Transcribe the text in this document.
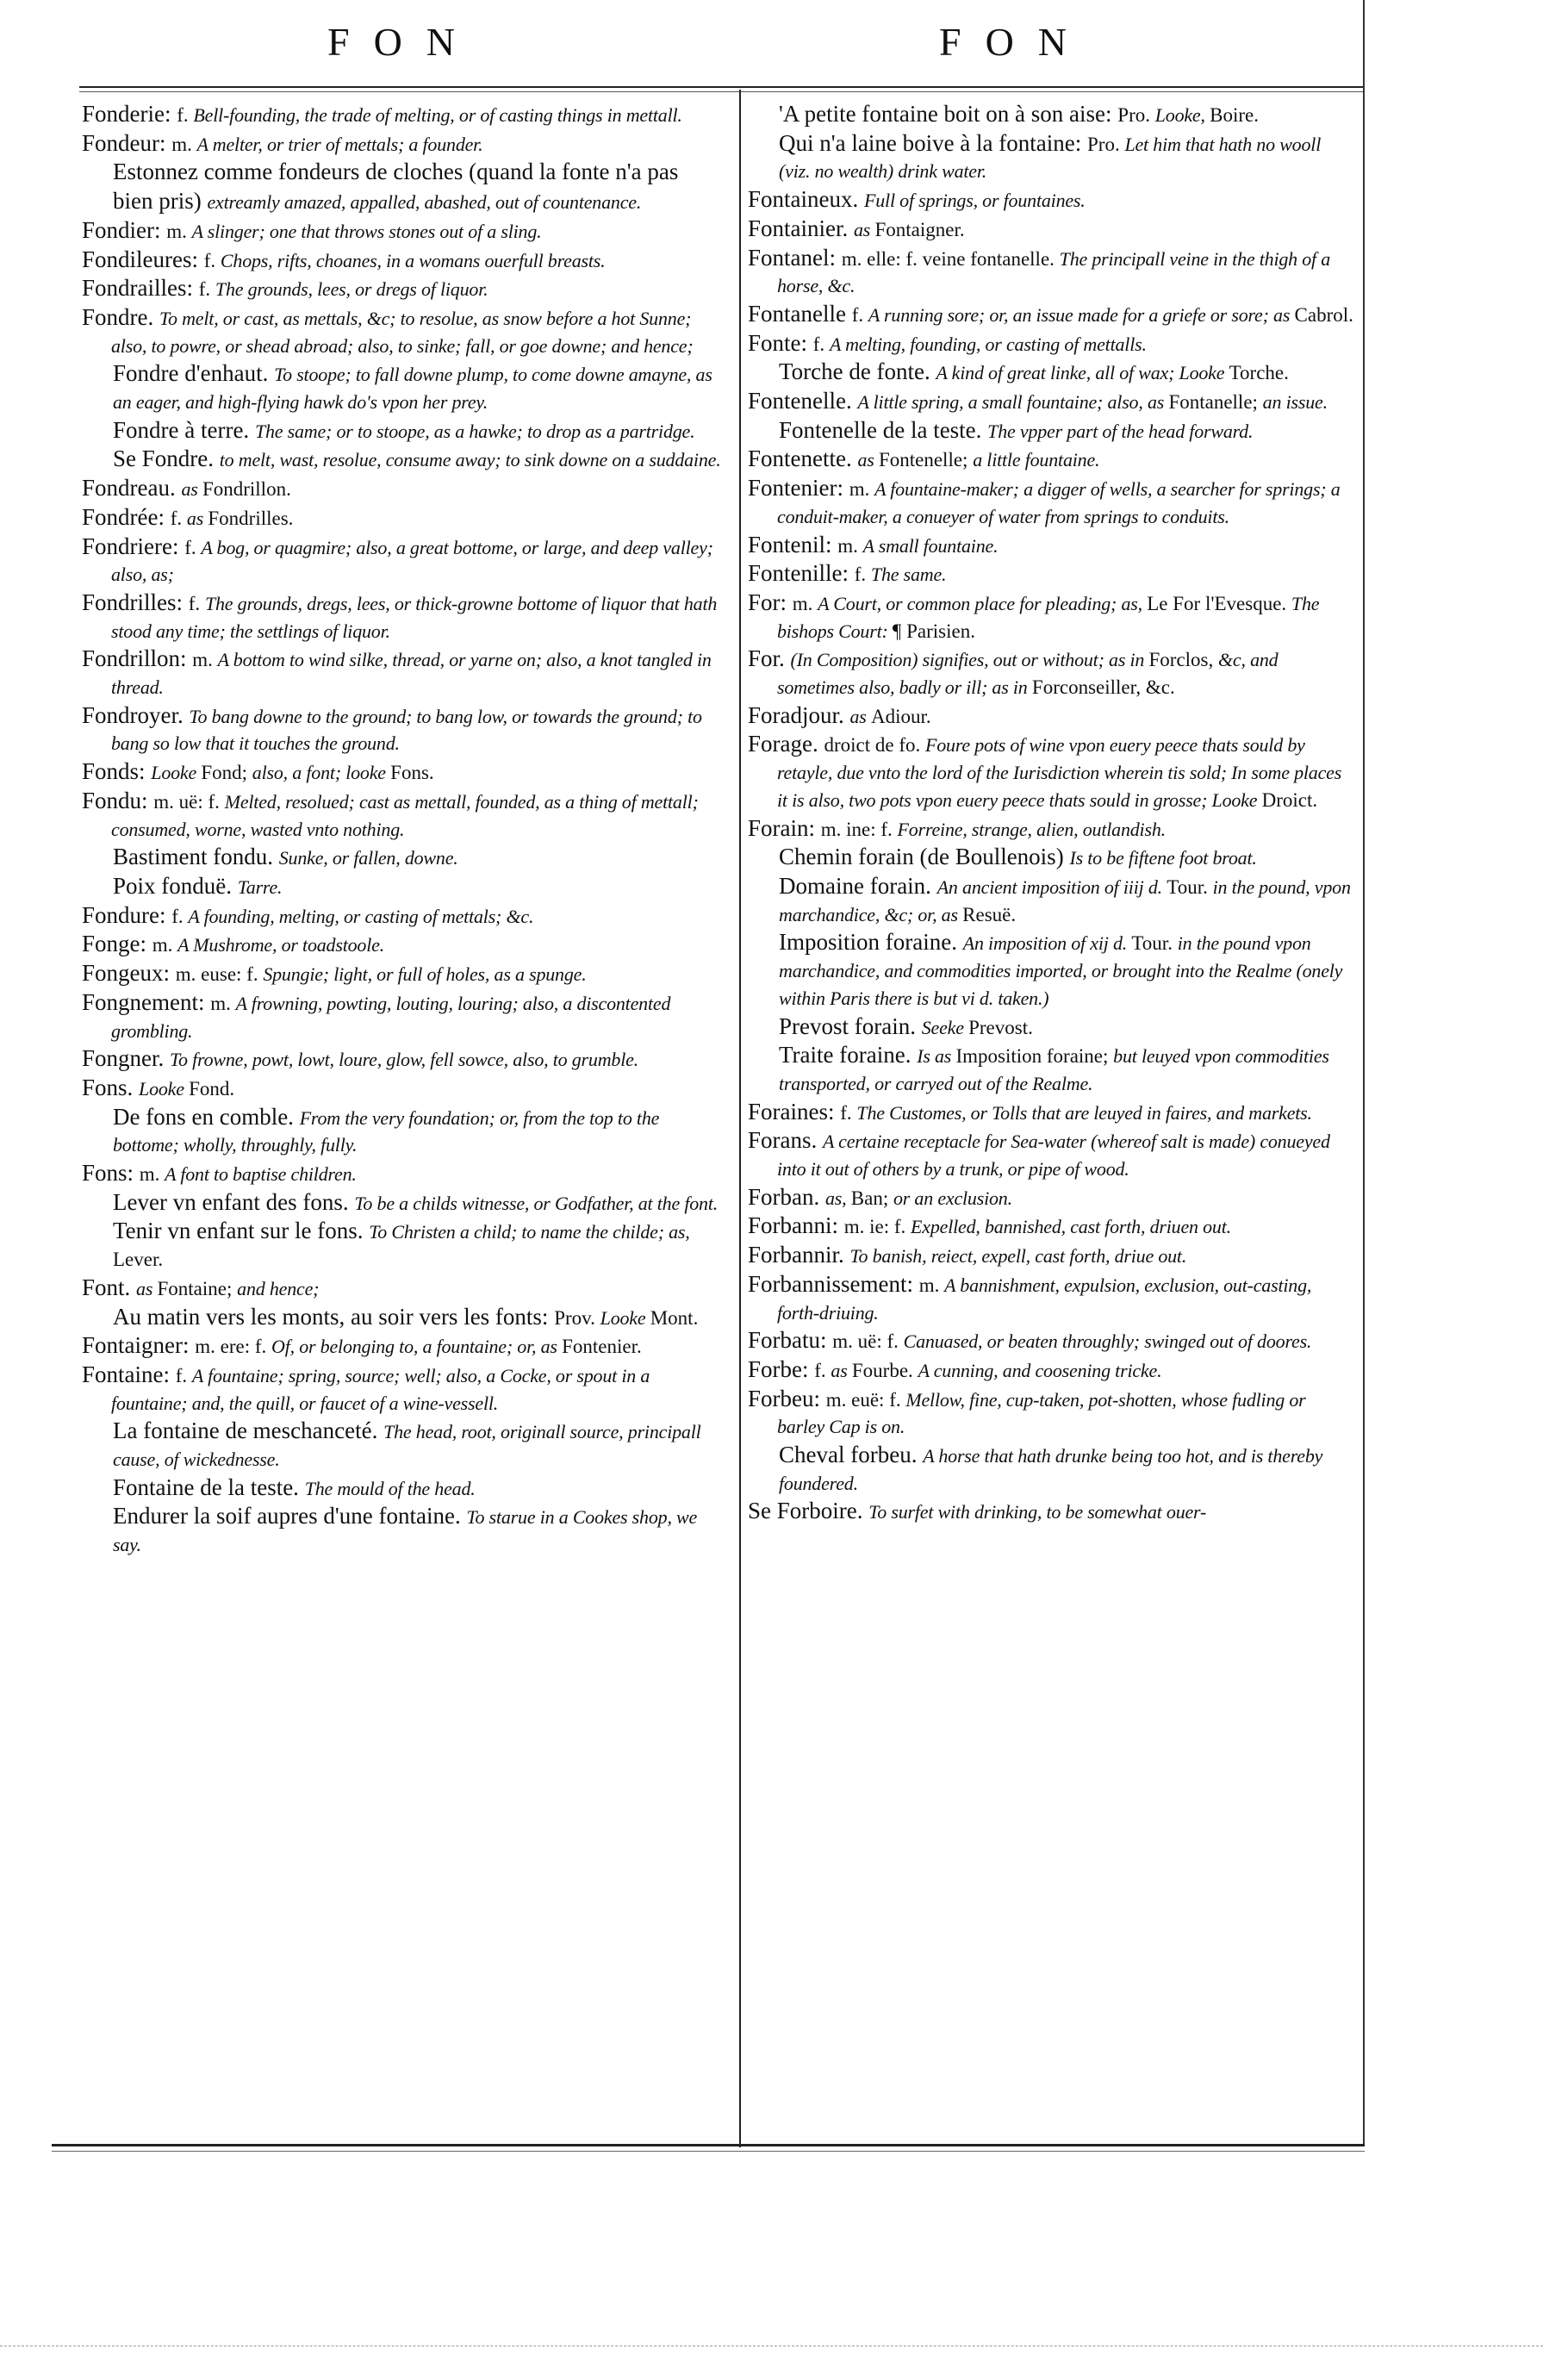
FON	FON
Fonderie: f. Bell-founding, the trade of melting, or of casting things in mettall.
Fondeur: m. A melter, or trier of mettals; a founder.
Estonnez comme fondeurs de cloches (quand la fonte n'a pas bien pris) extreamly amazed, appalled, abashed, out of countenance.
Fondier: m. A slinger; one that throws stones out of a sling.
Fondileures: f. Chops, rifts, choanes, in a womans ouerfull breasts.
Fondrailles: f. The grounds, lees, or dregs of liquor.
Fondre. To melt, or cast, as mettals, &c; to resolue, as snow before a hot Sunne; also, to powre, or shead abroad; also, to sinke; fall, or goe downe; and hence;
Fondre d'enhaut. To stoope; to fall downe plump, to come downe amayne, as an eager, and high-flying hawk do's vpon her prey.
Fondre à terre. The same; or to stoope, as a hawke; to drop as a partridge.
Se Fondre. to melt, wast, resolue, consume away; to sink downe on a suddaine.
Fondreau. as Fondrillon.
Fondrée: f. as Fondrilles.
Fondriere: f. A bog, or quagmire; also, a great bottome, or large, and deep valley; also, as;
Fondrilles: f. The grounds, dregs, lees, or thick-growne bottome of liquor that hath stood any time; the settlings of liquor.
Fondrillon: m. A bottom to wind silke, thread, or yarne on; also, a knot tangled in thread.
Fondroyer. To bang downe to the ground; to bang low, or towards the ground; to bang so low that it touches the ground.
Fonds: Looke Fond; also, a font; looke Fons.
Fondu: m. uë: f. Melted, resolued; cast as mettall, founded, as a thing of mettall; consumed, worne, wasted vnto nothing.
Bastiment fondu. Sunke, or fallen, downe.
Poix fonduë. Tarre.
Fondure: f. A founding, melting, or casting of mettals; &c.
Fonge: m. A Mushrome, or toadstoole.
Fongeux: m. euse: f. Spungie; light, or full of holes, as a spunge.
Fongnement: m. A frowning, powting, louting, louring; also, a discontented grombling.
Fongner. To frowne, powt, lowt, loure, glow, fell sowce, also, to grumble.
Fons. Looke Fond.
De fons en comble. From the very foundation; or, from the top to the bottome; wholly, throughly, fully.
Fons: m. A font to baptise children.
Lever vn enfant des fons. To be a childs witnesse, or Godfather, at the font.
Tenir vn enfant sur le fons. To Christen a child; to name the childe; as, Lever.
Font. as Fontaine; and hence;
Au matin vers les monts, au soir vers les fonts: Prov. Looke Mont.
Fontaigner: m. ere: f. Of, or belonging to, a fountaine; or, as Fontenier.
Fontaine: f. A fountaine; spring, source; well; also, a Cocke, or spout in a fountaine; and, the quill, or faucet of a wine-vessell.
La fontaine de meschanceté. The head, root, originall source, principall cause, of wickednesse.
Fontaine de la teste. The mould of the head.
Endurer la soif aupres d'une fontaine. To starue in a Cookes shop, we say.
'A petite fontaine boit on à son aise: Pro. Looke, Boire.
Qui n'a laine boive à la fontaine: Pro. Let him that hath no wooll (viz. no wealth) drink water.
Fontaineux. Full of springs, or fountaines.
Fontainier. as Fontaigner.
Fontanel: m. elle: f. veine fontanelle. The principall veine in the thigh of a horse, &c.
Fontanelle f. A running sore; or, an issue made for a griefe or sore; as Cabrol.
Fonte: f. A melting, founding, or casting of mettalls.
Torche de fonte. A kind of great linke, all of wax; Looke Torche.
Fontenelle. A little spring, a small fountaine; also, as Fontanelle; an issue.
Fontenelle de la teste. The vpper part of the head forward.
Fontenette. as Fontenelle; a little fountaine.
Fontenier: m. A fountaine-maker; a digger of wells, a searcher for springs; a conduit-maker, a conueyer of water from springs to conduits.
Fontenil: m. A small fountaine.
Fontenille: f. The same.
For: m. A Court, or common place for pleading; as, Le For l'Evesque. The bishops Court: ¶ Parisien.
For. (In Composition) signifies, out or without; as in Forclos, &c, and sometimes also, badly or ill; as in Forconseiller, &c.
Foradjour. as Adiour.
Forage. droict de fo. Foure pots of wine vpon euery peece thats sould by retayle, due vnto the lord of the Iurisdiction wherein tis sold; In some places it is also, two pots vpon euery peece thats sould in grosse; Looke Droict.
Forain: m. ine: f. Forreine, strange, alien, outlandish.
Chemin forain (de Boullenois) Is to be fiftene foot broat.
Domaine forain. An ancient imposition of iiij d. Tour. in the pound, vpon marchandice, &c; or, as Resuë.
Imposition foraine. An imposition of xij d. Tour. in the pound vpon marchandice, and commodities imported, or brought into the Realme (onely within Paris there is but vi d. taken.)
Prevost forain. Seeke Prevost.
Traite foraine. Is as Imposition foraine; but leuyed vpon commodities transported, or carryed out of the Realme.
Foraines: f. The Customes, or Tolls that are leuyed in faires, and markets.
Forans. A certaine receptacle for Sea-water (whereof salt is made) conueyed into it out of others by a trunk, or pipe of wood.
Forban. as, Ban; or an exclusion.
Forbanni: m. ie: f. Expelled, bannished, cast forth, driuen out.
Forbannir. To banish, reiect, expell, cast forth, driue out.
Forbannissement: m. A bannishment, expulsion, exclusion, out-casting, forth-driuing.
Forbatu: m. uë: f. Canuased, or beaten throughly; swinged out of doores.
Forbe: f. as Fourbe. A cunning, and coosening tricke.
Forbeu: m. euë: f. Mellow, fine, cup-taken, pot-shotten, whose fudling or barley Cap is on.
Cheval forbeu. A horse that hath drunke being too hot, and is thereby foundered.
Se Forboire. To surfet with drinking, to be somewhat ouer-
